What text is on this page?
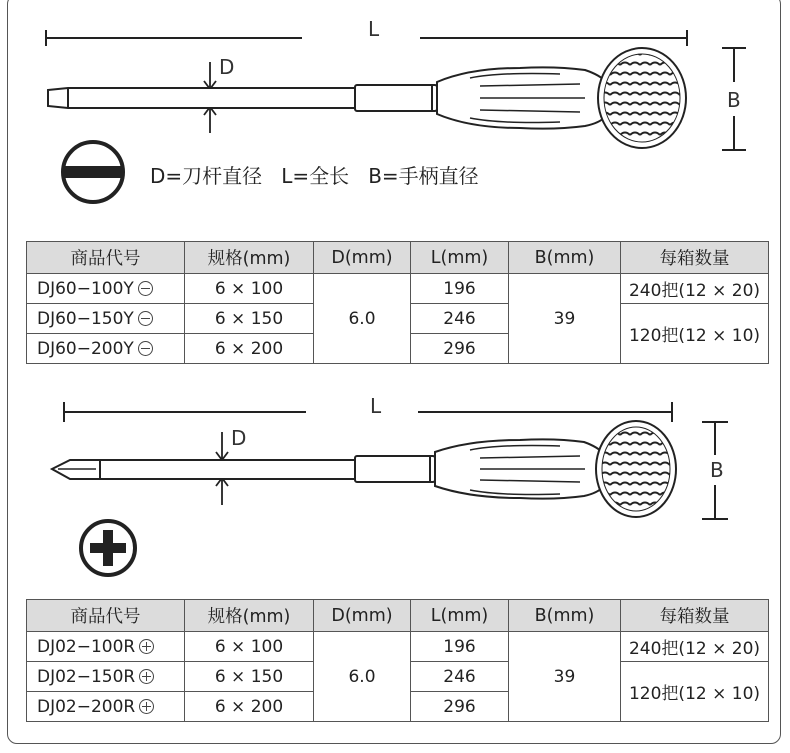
L
D
B
D=刀杆直径   L=全长   B=手柄直径
L
D
B
商品代号	规格(mm)	D(mm)	L(mm)	B(mm)	每箱数量
DJ60−100Y	6 × 100	6.0	196	39	240把(12 × 20)
DJ60−150Y	6 × 150		246		120把(12 × 10)
DJ60−200Y	6 × 200		296		
商品代号	规格(mm)	D(mm)	L(mm)	B(mm)	每箱数量
DJ02−100R	6 × 100	6.0	196	39	240把(12 × 20)
DJ02−150R	6 × 150		246		120把(12 × 10)
DJ02−200R	6 × 200		296		
